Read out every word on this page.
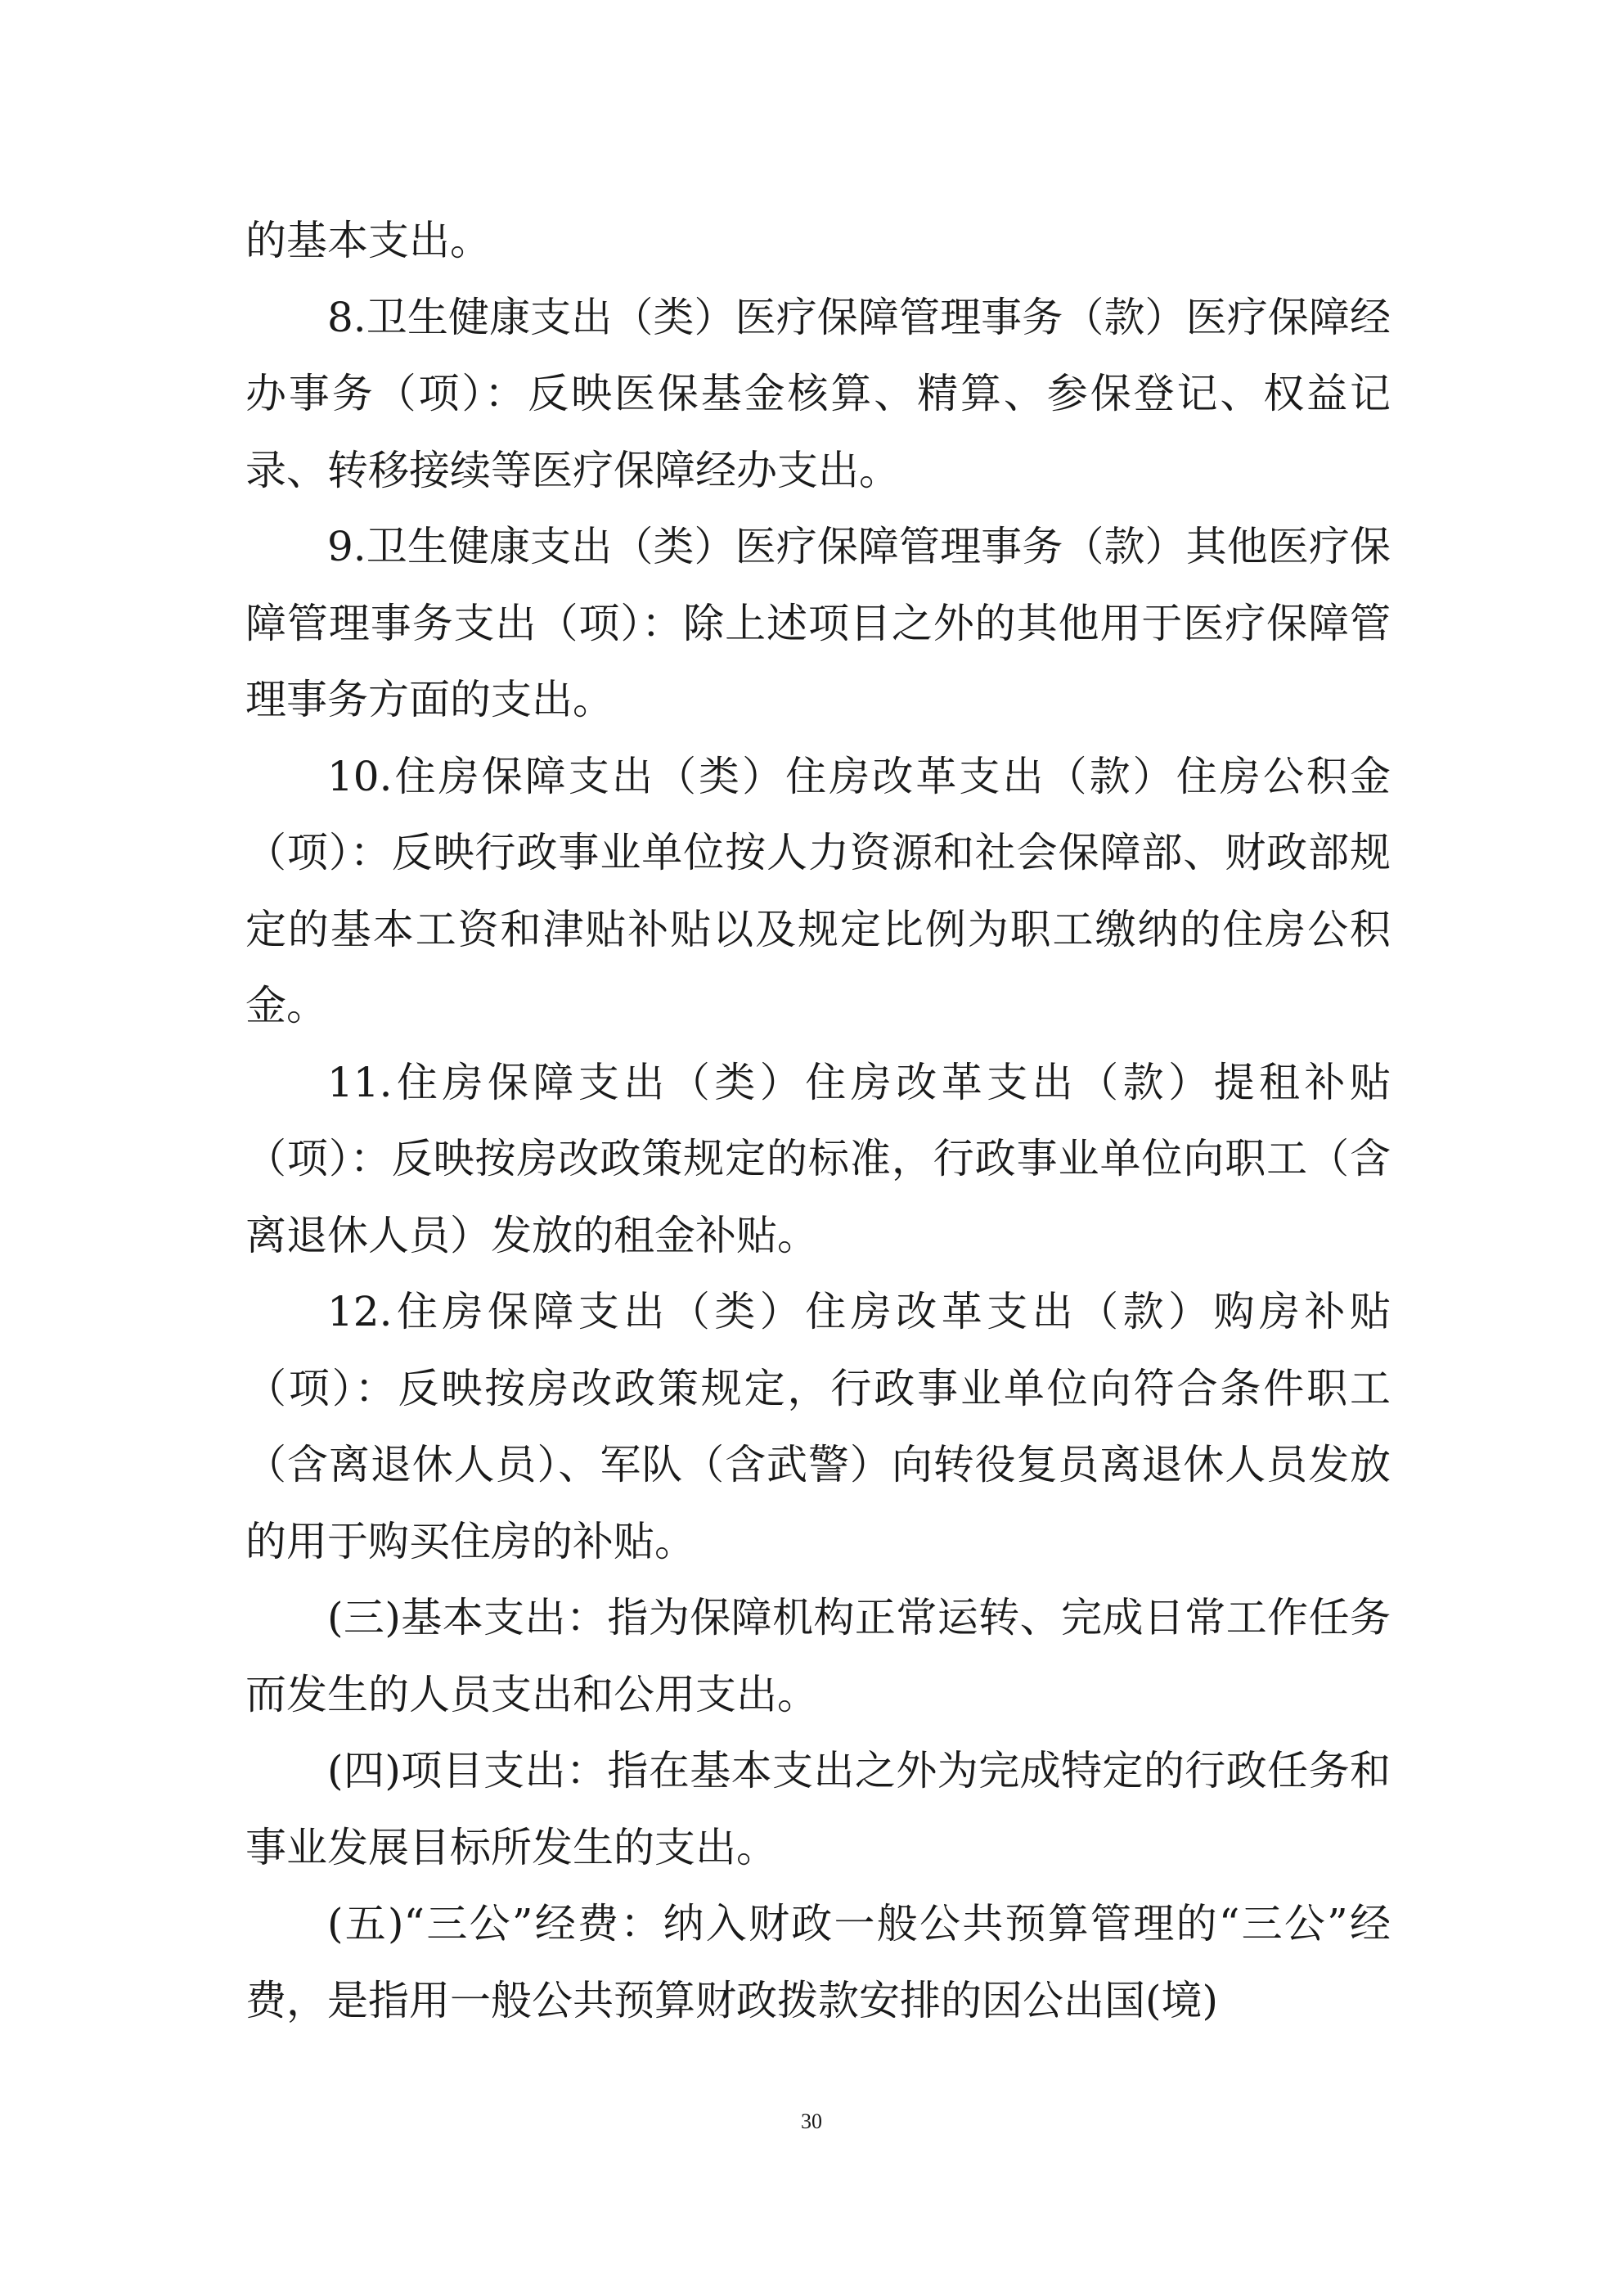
的基本支出。

8.卫生健康支出（类）医疗保障管理事务（款）医疗保障经办事务（项）：反映医保基金核算、精算、参保登记、权益记录、转移接续等医疗保障经办支出。

9.卫生健康支出（类）医疗保障管理事务（款）其他医疗保障管理事务支出（项）：除上述项目之外的其他用于医疗保障管理事务方面的支出。

10.住房保障支出（类）住房改革支出（款）住房公积金（项）：反映行政事业单位按人力资源和社会保障部、财政部规定的基本工资和津贴补贴以及规定比例为职工缴纳的住房公积金。

11.住房保障支出（类）住房改革支出（款）提租补贴（项）：反映按房改政策规定的标准，行政事业单位向职工（含离退休人员）发放的租金补贴。

12.住房保障支出（类）住房改革支出（款）购房补贴（项）：反映按房改政策规定，行政事业单位向符合条件职工（含离退休人员）、军队（含武警）向转役复员离退休人员发放的用于购买住房的补贴。

(三)基本支出：指为保障机构正常运转、完成日常工作任务而发生的人员支出和公用支出。

(四)项目支出：指在基本支出之外为完成特定的行政任务和事业发展目标所发生的支出。

(五)“三公”经费：纳入财政一般公共预算管理的“三公”经费，是指用一般公共预算财政拨款安排的因公出国(境)

30
